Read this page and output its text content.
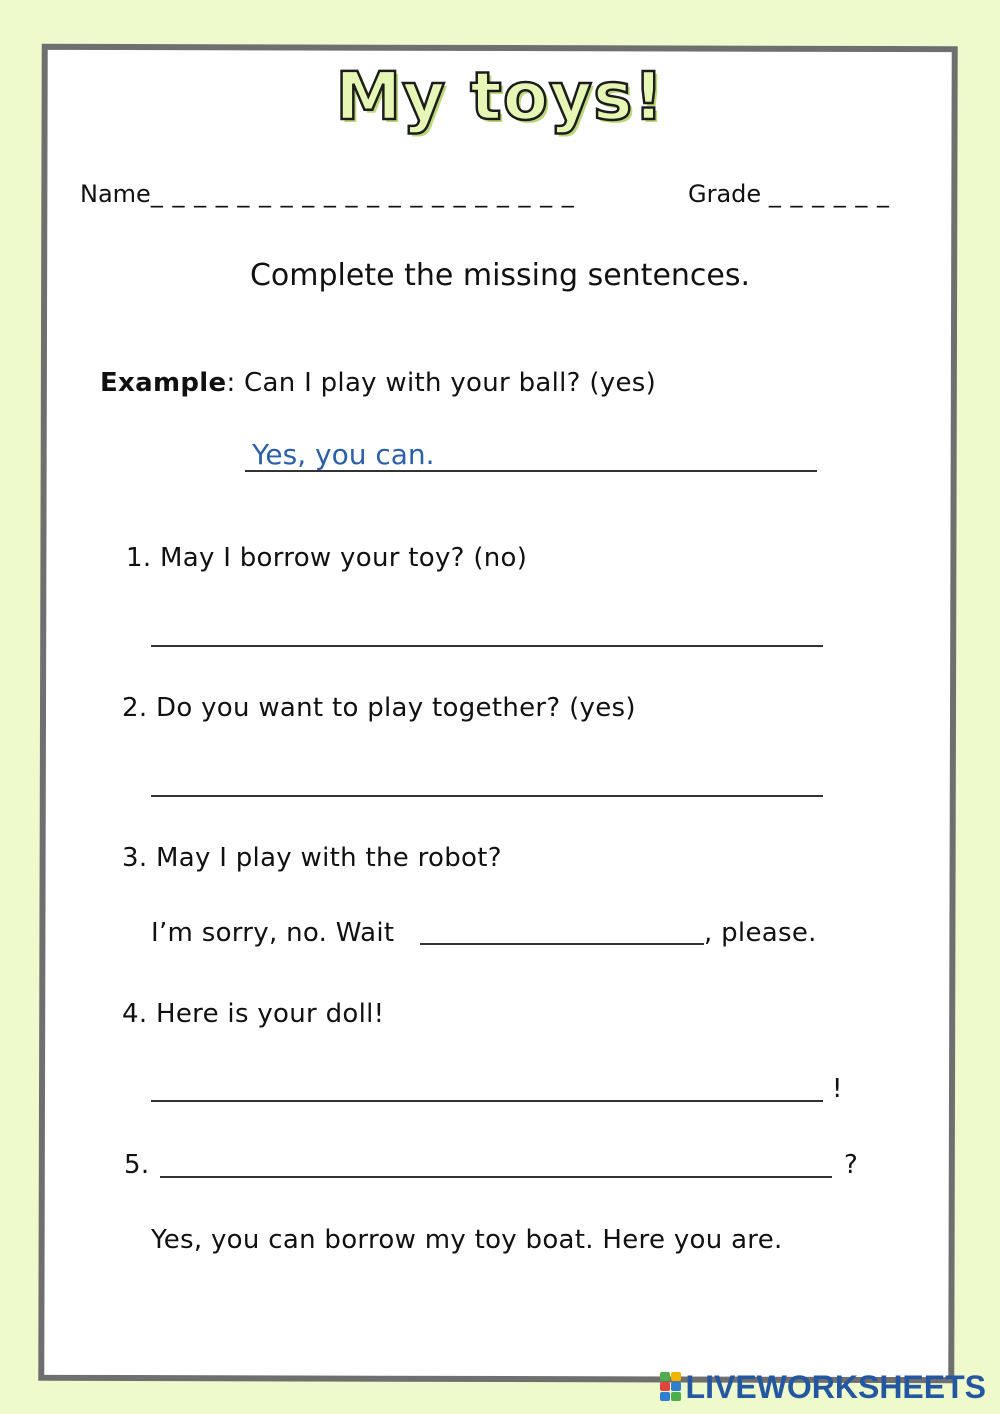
My toys!
Name_ _ _ _ _ _ _ _ _ _ _ _ _ _ _ _ _ _ _ _	Grade _ _ _ _ _ _
Complete the missing sentences.
Example: Can I play with your ball? (yes)
Yes, you can.
1. May I borrow your toy? (no)
2. Do you want to play together? (yes)
3. May I play with the robot?
I’m sorry, no. Wait	, please.
4. Here is your doll!
!
5.	?
Yes, you can borrow my toy boat. Here you are.
LIVEWORKSHEETS
